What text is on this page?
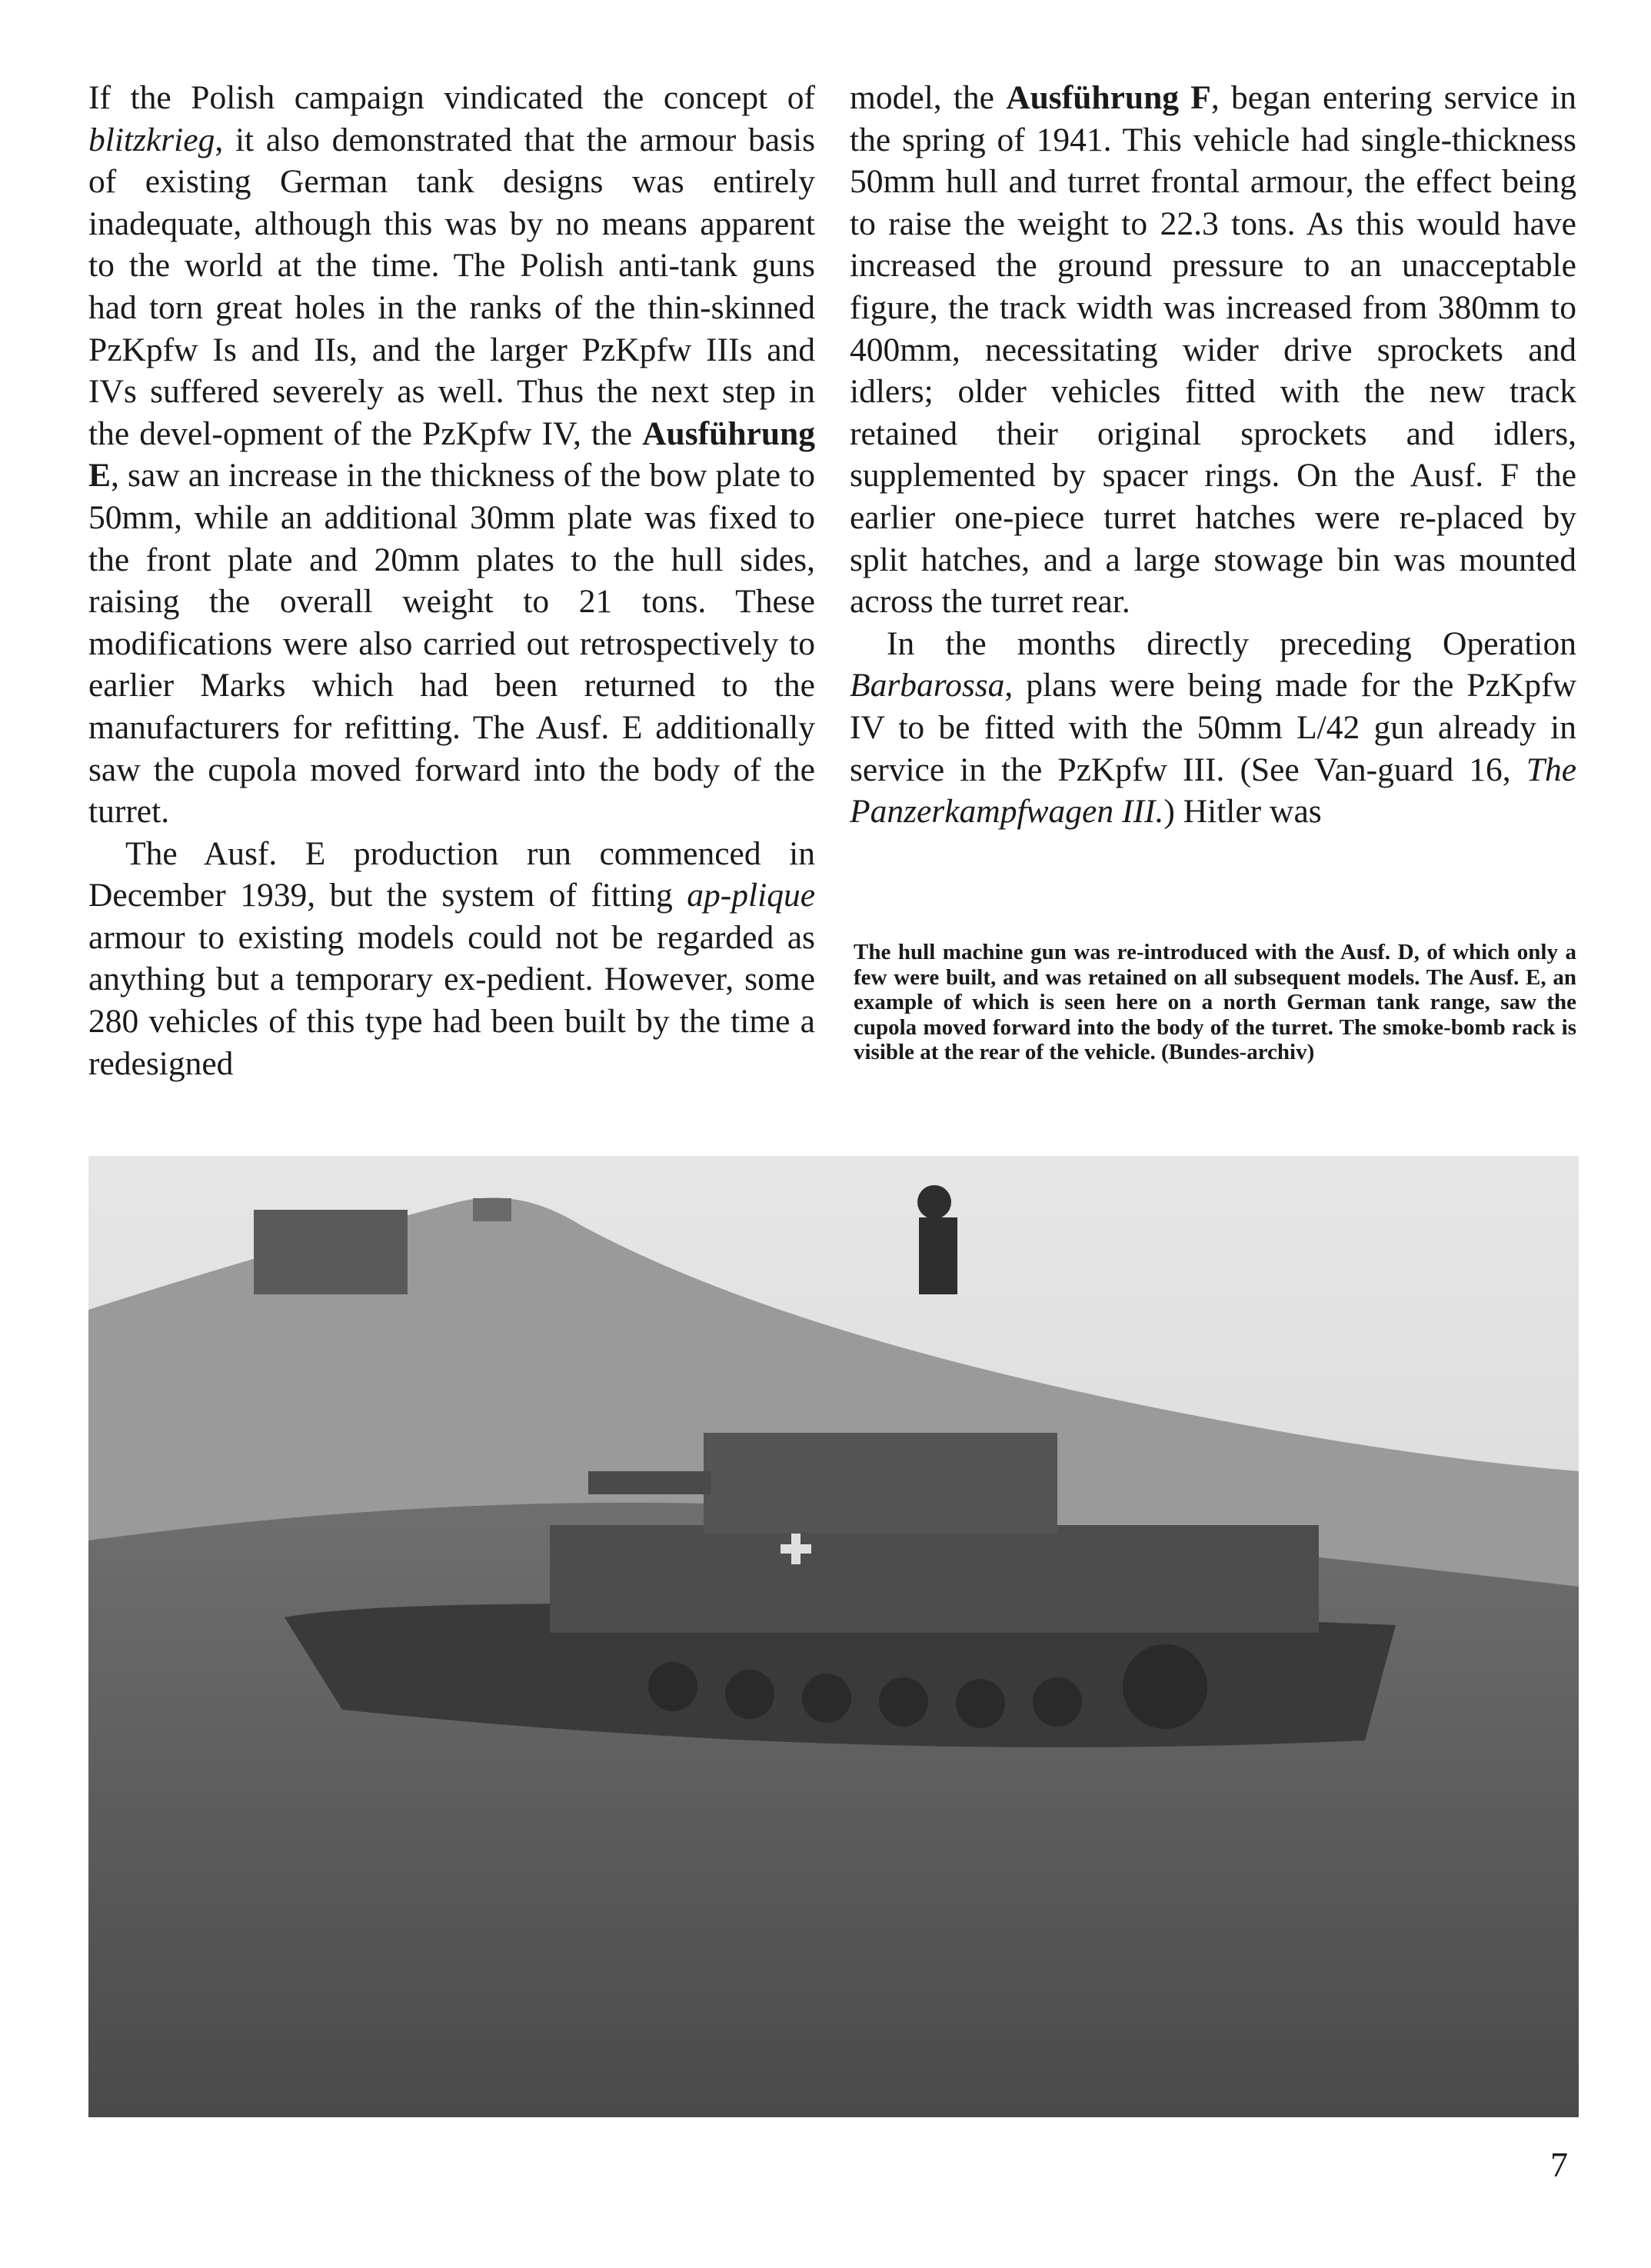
If the Polish campaign vindicated the concept of blitzkrieg, it also demonstrated that the armour basis of existing German tank designs was entirely inadequate, although this was by no means apparent to the world at the time. The Polish anti-tank guns had torn great holes in the ranks of the thin-skinned PzKpfw Is and IIs, and the larger PzKpfw IIIs and IVs suffered severely as well. Thus the next step in the devel-opment of the PzKpfw IV, the Ausführung E, saw an increase in the thickness of the bow plate to 50mm, while an additional 30mm plate was fixed to the front plate and 20mm plates to the hull sides, raising the overall weight to 21 tons. These modifications were also carried out retrospectively to earlier Marks which had been returned to the manufacturers for refitting. The Ausf. E additionally saw the cupola moved forward into the body of the turret.

The Ausf. E production run commenced in December 1939, but the system of fitting ap-plique armour to existing models could not be regarded as anything but a temporary ex-pedient. However, some 280 vehicles of this type had been built by the time a redesigned

model, the Ausführung F, began entering service in the spring of 1941. This vehicle had single-thickness 50mm hull and turret frontal armour, the effect being to raise the weight to 22.3 tons. As this would have increased the ground pressure to an unacceptable figure, the track width was increased from 380mm to 400mm, necessitating wider drive sprockets and idlers; older vehicles fitted with the new track retained their original sprockets and idlers, supplemented by spacer rings. On the Ausf. F the earlier one-piece turret hatches were re-placed by split hatches, and a large stowage bin was mounted across the turret rear.

In the months directly preceding Operation Barbarossa, plans were being made for the PzKpfw IV to be fitted with the 50mm L/42 gun already in service in the PzKpfw III. (See Van-guard 16, The Panzerkampfwagen III.) Hitler was

The hull machine gun was re-introduced with the Ausf. D, of which only a few were built, and was retained on all subsequent models. The Ausf. E, an example of which is seen here on a north German tank range, saw the cupola moved forward into the body of the turret. The smoke-bomb rack is visible at the rear of the vehicle. (Bundes-archiv)
7
